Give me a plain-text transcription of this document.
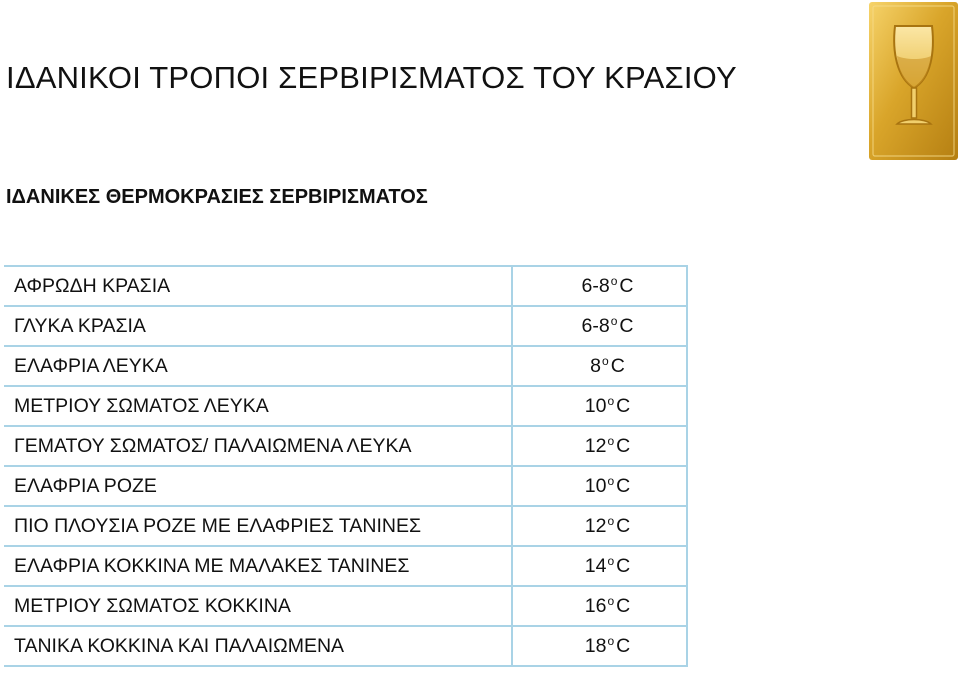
ΙΔΑΝΙΚΟΙ ΤΡΟΠΟΙ ΣΕΡΒΙΡΙΣΜΑΤΟΣ ΤΟΥ ΚΡΑΣΙΟΥ
ΙΔΑΝΙΚΕΣ ΘΕΡΜΟΚΡΑΣΙΕΣ ΣΕΡΒΙΡΙΣΜΑΤΟΣ
ΑΦΡΩΔΗ ΚΡΑΣΙΑ	6-8$^o$ C
ΓΛΥΚΑ ΚΡΑΣΙΑ	6-8$^o$ C
ΕΛΑΦΡΙΑ ΛΕΥΚΑ	8$^o$ C
ΜΕΤΡΙΟΥ ΣΩΜΑΤΟΣ ΛΕΥΚΑ	10$^o$ C
ΓΕΜΑΤΟΥ ΣΩΜΑΤΟΣ/ ΠΑΛΑΙΩΜΕΝΑ ΛΕΥΚΑ	12$^o$ C
ΕΛΑΦΡΙΑ ΡΟΖΕ	10$^o$ C
ΠΙΟ ΠΛΟΥΣΙΑ ΡΟΖΕ ΜΕ ΕΛΑΦΡΙΕΣ ΤΑΝΙΝΕΣ	12$^o$ C
ΕΛΑΦΡΙΑ ΚΟΚΚΙΝΑ ΜΕ ΜΑΛΑΚΕΣ ΤΑΝΙΝΕΣ	14$^o$ C
ΜΕΤΡΙΟΥ ΣΩΜΑΤΟΣ ΚΟΚΚΙΝΑ	16$^o$ C
ΤΑΝΙΚΑ ΚΟΚΚΙΝΑ ΚΑΙ ΠΑΛΑΙΩΜΕΝΑ	18$^o$ C
